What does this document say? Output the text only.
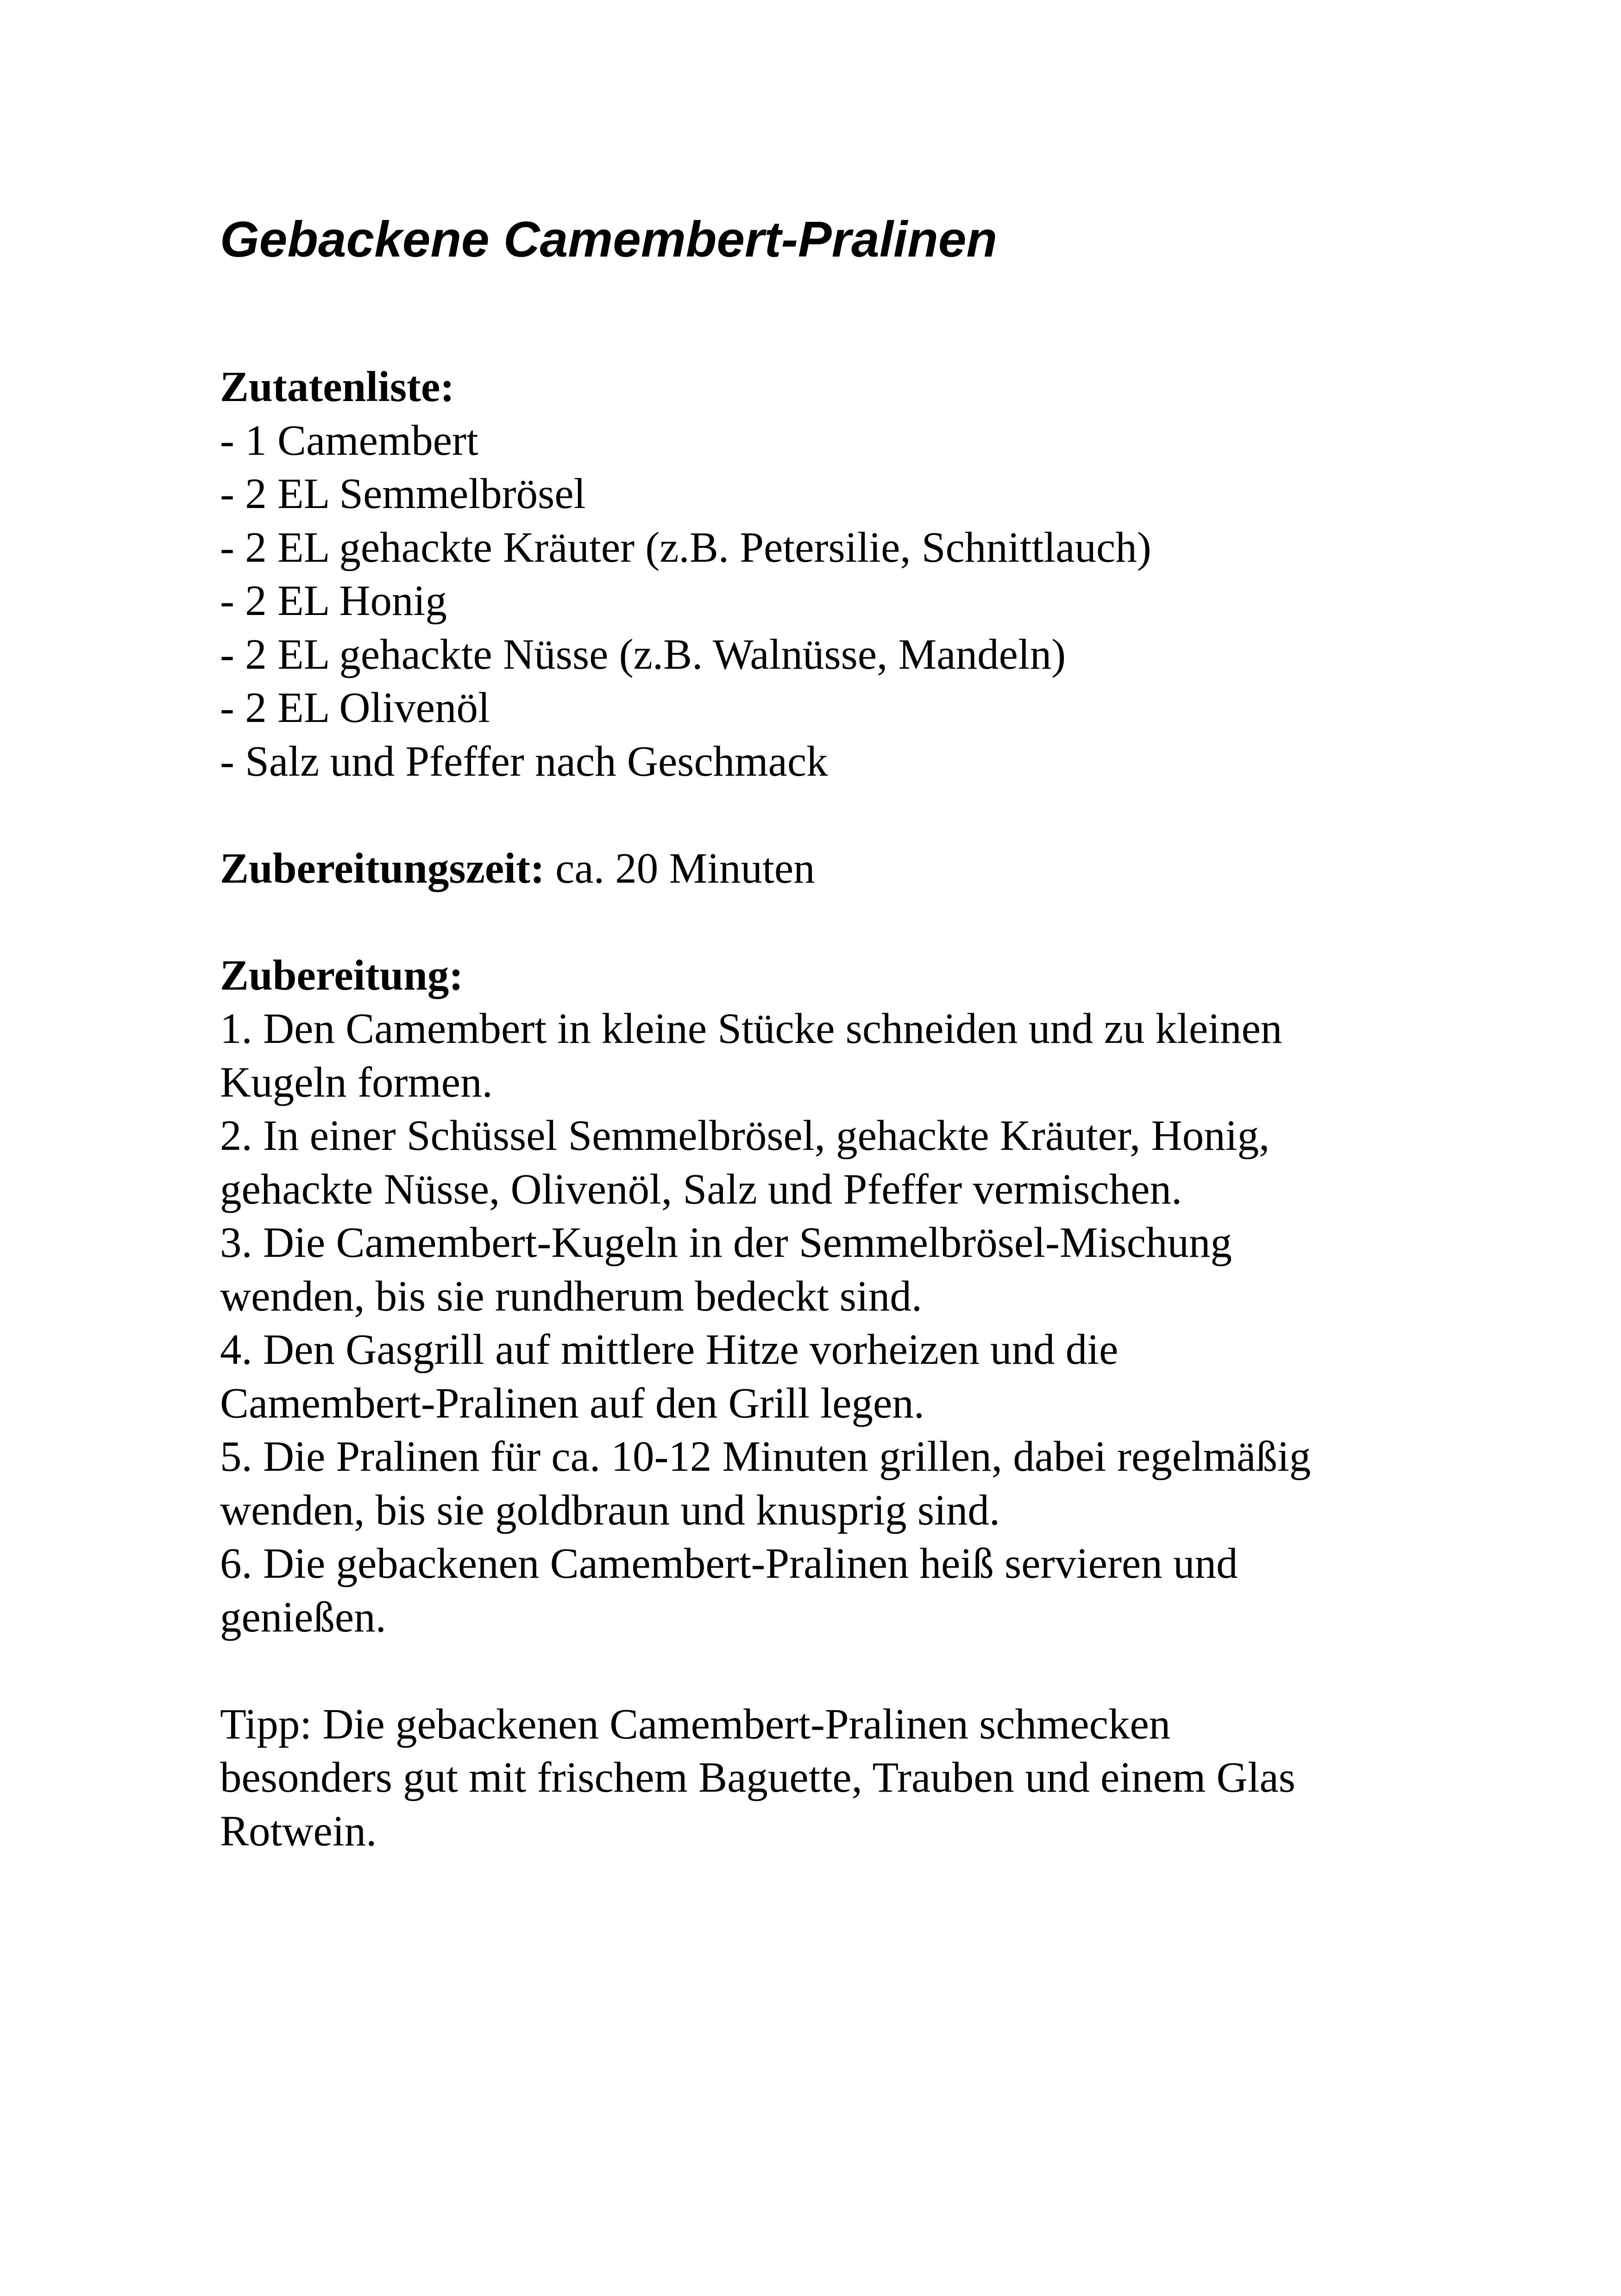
Gebackene Camembert-Pralinen
Zutatenliste:
- 1 Camembert
- 2 EL Semmelbrösel
- 2 EL gehackte Kräuter (z.B. Petersilie, Schnittlauch)
- 2 EL Honig
- 2 EL gehackte Nüsse (z.B. Walnüsse, Mandeln)
- 2 EL Olivenöl
- Salz und Pfeffer nach Geschmack
Zubereitungszeit: ca. 20 Minuten
Zubereitung:
1. Den Camembert in kleine Stücke schneiden und zu kleinen
Kugeln formen.
2. In einer Schüssel Semmelbrösel, gehackte Kräuter, Honig,
gehackte Nüsse, Olivenöl, Salz und Pfeffer vermischen.
3. Die Camembert-Kugeln in der Semmelbrösel-Mischung
wenden, bis sie rundherum bedeckt sind.
4. Den Gasgrill auf mittlere Hitze vorheizen und die
Camembert-Pralinen auf den Grill legen.
5. Die Pralinen für ca. 10-12 Minuten grillen, dabei regelmäßig
wenden, bis sie goldbraun und knusprig sind.
6. Die gebackenen Camembert-Pralinen heiß servieren und
genießen.
Tipp: Die gebackenen Camembert-Pralinen schmecken
besonders gut mit frischem Baguette, Trauben und einem Glas
Rotwein.
